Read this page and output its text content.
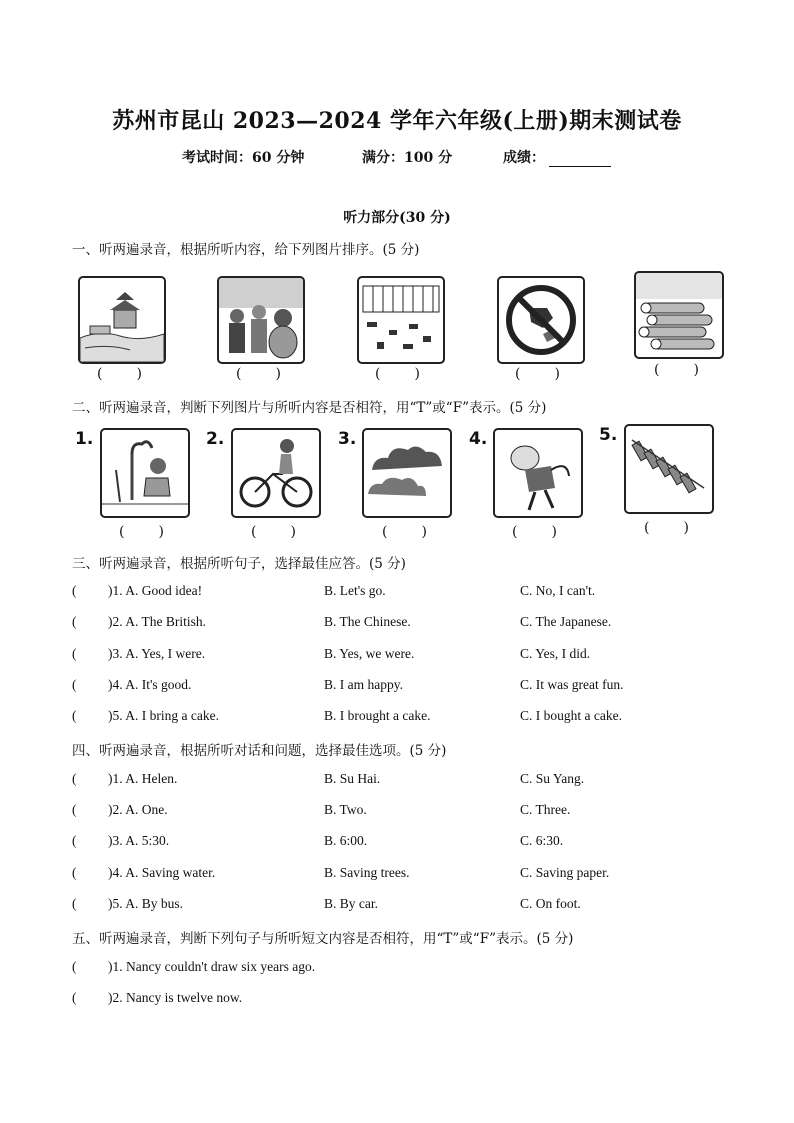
苏州市昆山 2023—2024 学年六年级(上册)期末测试卷
考试时间：60 分钟	满分：100 分	成绩：
听力部分(30 分)
一、听两遍录音，根据所听内容，给下列图片排序。(5 分)
(　　)	(　　)	(　　)	(　　)	(　　)
二、听两遍录音，判断下列图片与所听内容是否相符，用“T”或“F”表示。(5 分)
1.	2.	3.	4.	5.
(　　)	(　　)	(　　)	(　　)	(　　)
三、听两遍录音，根据所听句子，选择最佳应答。(5 分)
( )1. A. Good idea!	B. Let's go.	C. No, I can't.
( )2. A. The British.	B. The Chinese.	C. The Japanese.
( )3. A. Yes, I were.	B. Yes, we were.	C. Yes, I did.
( )4. A. It's good.	B. I am happy.	C. It was great fun.
( )5. A. I bring a cake.	B. I brought a cake.	C. I bought a cake.
四、听两遍录音，根据所听对话和问题，选择最佳选项。(5 分)
( )1. A. Helen.	B. Su Hai.	C. Su Yang.
( )2. A. One.	B. Two.	C. Three.
( )3. A. 5:30.	B. 6:00.	C. 6:30.
( )4. A. Saving water.	B. Saving trees.	C. Saving paper.
( )5. A. By bus.	B. By car.	C. On foot.
五、听两遍录音，判断下列句子与所听短文内容是否相符，用“T”或“F”表示。(5 分)
( )1. Nancy couldn't draw six years ago.
( )2. Nancy is twelve now.
